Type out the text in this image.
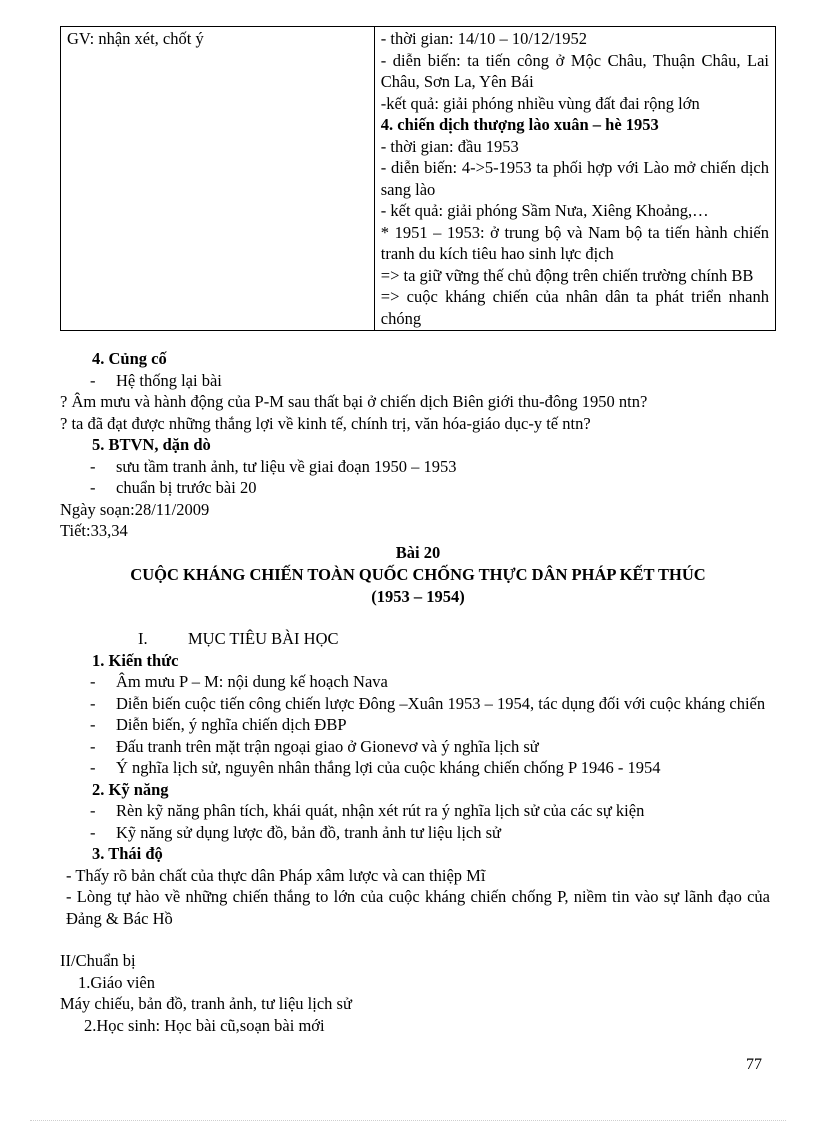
GV: nhận xét, chốt ý	- thời gian: 14/10 – 10/12/1952
- diễn biến: ta tiến công ở Mộc Châu, Thuận Châu, Lai Châu, Sơn La, Yên Bái
-kết quả: giải phóng nhiều vùng đất đai rộng lớn
4. chiến dịch thượng lào xuân – hè 1953
- thời gian: đầu 1953
- diễn biến: 4->5-1953 ta phối hợp với Lào mở chiến dịch sang lào
- kết quả: giải phóng Sầm Nưa, Xiêng Khoảng,…
* 1951 – 1953: ở trung bộ và Nam bộ ta tiến hành chiến tranh du kích tiêu hao sinh lực địch
=> ta giữ vững thế chủ động trên chiến trường chính BB
=> cuộc kháng chiến của nhân dân ta phát triển nhanh chóng
4. Củng cố
- Hệ thống lại bài
? Âm mưu và hành động của P-M sau thất bại ở chiến dịch Biên giới thu-đông 1950 ntn?
? ta đã đạt được những thắng lợi về kinh tế, chính trị, văn hóa-giáo dục-y tế ntn?
5. BTVN, dặn dò
- sưu tầm tranh ảnh, tư liệu về giai đoạn 1950 – 1953
- chuẩn bị trước bài 20
Ngày soạn:28/11/2009
Tiết:33,34
Bài 20
CUỘC KHÁNG CHIẾN TOÀN QUỐC CHỐNG THỰC DÂN PHÁP KẾT THÚC
(1953 – 1954)
I. MỤC TIÊU BÀI HỌC
1. Kiến thức
- Âm mưu P – M: nội dung kế hoạch Nava
- Diễn biến cuộc tiến công chiến lược Đông –Xuân 1953 – 1954, tác dụng đối với cuộc kháng chiến
- Diễn biến, ý nghĩa chiến dịch ĐBP
- Đấu tranh trên mặt trận ngoại giao ở Gionevơ và ý nghĩa lịch sử
- Ý nghĩa lịch sử, nguyên nhân thắng lợi của cuộc kháng chiến chống P 1946 - 1954
2. Kỹ năng
- Rèn kỹ năng phân tích, khái quát, nhận xét rút ra ý nghĩa lịch sử của các sự kiện
- Kỹ năng sử dụng lược đồ, bản đồ, tranh ảnh tư liệu lịch sử
3. Thái độ
- Thấy rõ bản chất của thực dân Pháp xâm lược và can thiệp Mĩ
- Lòng tự hào về những chiến thắng to lớn của cuộc kháng chiến chống P, niềm tin vào sự lãnh đạo của Đảng & Bác Hồ
II/Chuẩn bị
1.Giáo viên
Máy chiếu, bản đồ, tranh ảnh, tư liệu lịch sử
2.Học sinh: Học bài cũ,soạn bài mới
77
